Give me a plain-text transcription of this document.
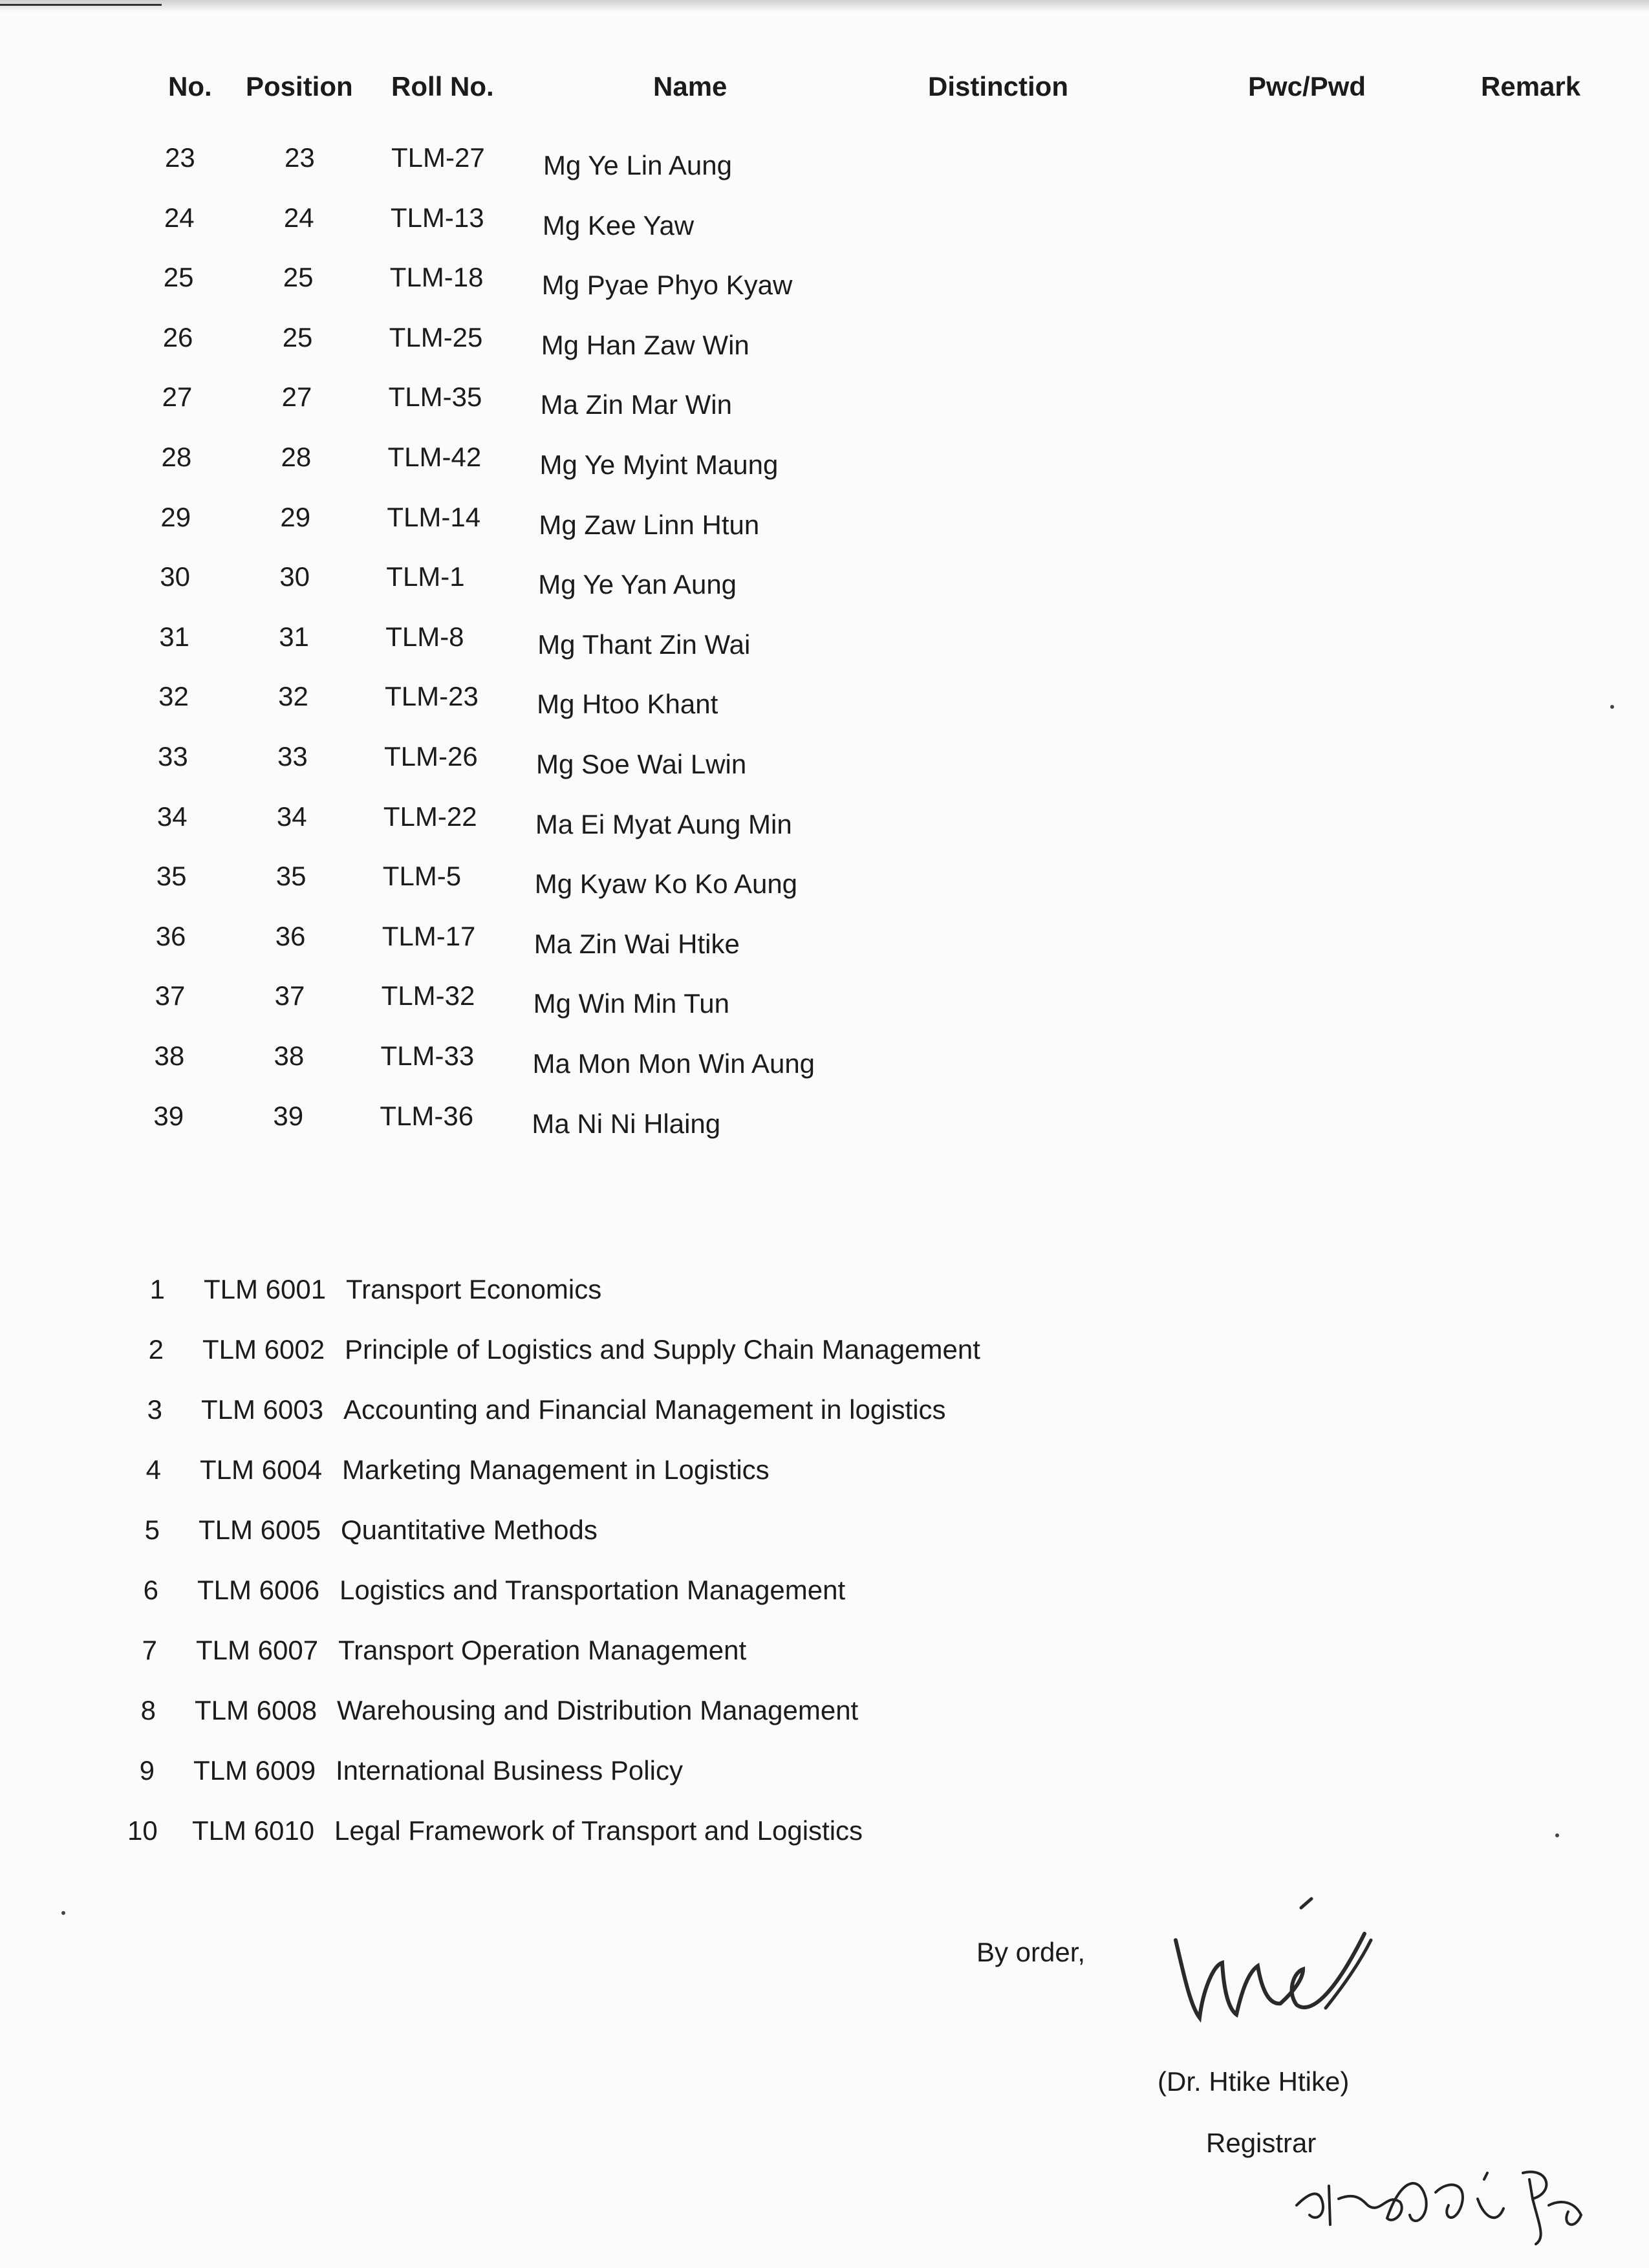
No. Position Roll No.	Name	Distinction	Pwc/Pwd	Remark
23	23	TLM-27 Mg Ye Lin Aung
24	24	TLM-13 Mg Kee Yaw
25	25	TLM-18 Mg Pyae Phyo Kyaw
26	25	TLM-25 Mg Han Zaw Win
27	27	TLM-35 Ma Zin Mar Win
28	28	TLM-42 Mg Ye Myint Maung
29	29	TLM-14 Mg Zaw Linn Htun
30	30	TLM-1	Mg Ye Yan Aung
31	31	TLM-8	Mg Thant Zin Wai
32	32	TLM-23 Mg Htoo Khant
33	33	TLM-26 Mg Soe Wai Lwin
34	34	TLM-22 Ma Ei Myat Aung Min
35	35	TLM-5	Mg Kyaw Ko Ko Aung
36	36	TLM-17 Ma Zin Wai Htike
37	37	TLM-32 Mg Win Min Tun
38	38	TLM-33 Ma Mon Mon Win Aung
39	39	TLM-36 Ma Ni Ni Hlaing
1 TLM 6001 Transport Economics
2 TLM 6002 Principle of Logistics and Supply Chain Management
3 TLM 6003 Accounting and Financial Management in logistics
4 TLM 6004 Marketing Management in Logistics
5 TLM 6005 Quantitative Methods
6 TLM 6006 Logistics and Transportation Management
7 TLM 6007 Transport Operation Management
8 TLM 6008 Warehousing and Distribution Management
9 TLM 6009 International Business Policy
10 TLM 6010 Legal Framework of Transport and Logistics
By order,
(Dr. Htike Htike)
Registrar
